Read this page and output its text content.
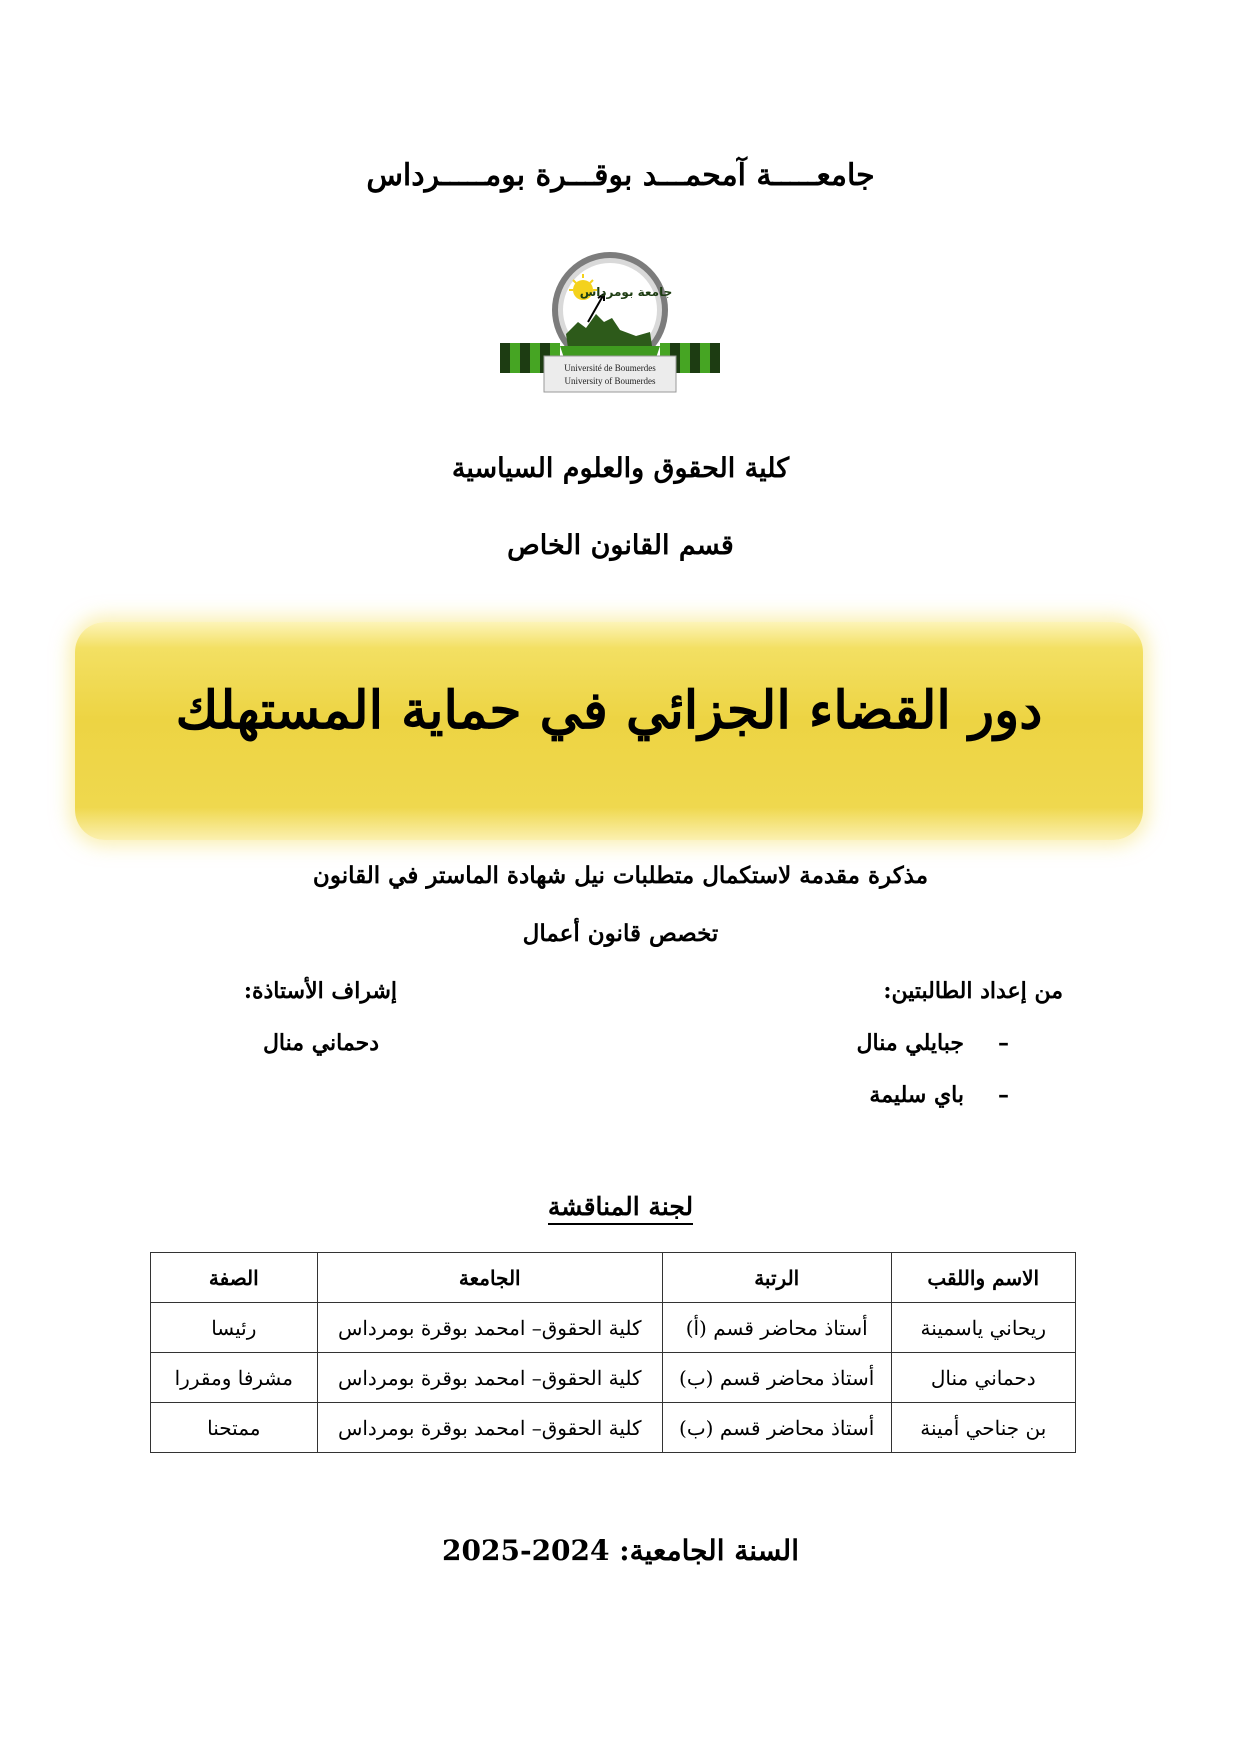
جامعـــــة آمحمـــد بوقـــرة بومـــــرداس
جامعة بومرداس
Université de Boumerdes
University of Boumerdes
كلية الحقوق والعلوم السياسية
قسم القانون الخاص
دور القضاء الجزائي في حماية المستهلك
مذكرة مقدمة لاستكمال متطلبات نيل شهادة الماستر في القانون
تخصص قانون أعمال
من إعداد الطالبتين:
–جبايلي منال
–باي سليمة
إشراف الأستاذة:
دحماني منال
لجنة المناقشة
الاسم واللقب	الرتبة	الجامعة	الصفة
ريحاني ياسمينة	أستاذ محاضر قسم (أ)	كلية الحقوق– امحمد بوقرة بومرداس	رئيسا
دحماني منال	أستاذ محاضر قسم (ب)	كلية الحقوق– امحمد بوقرة بومرداس	مشرفا ومقررا
بن جناحي أمينة	أستاذ محاضر قسم (ب)	كلية الحقوق– امحمد بوقرة بومرداس	ممتحنا
السنة الجامعية: 2024-2025
